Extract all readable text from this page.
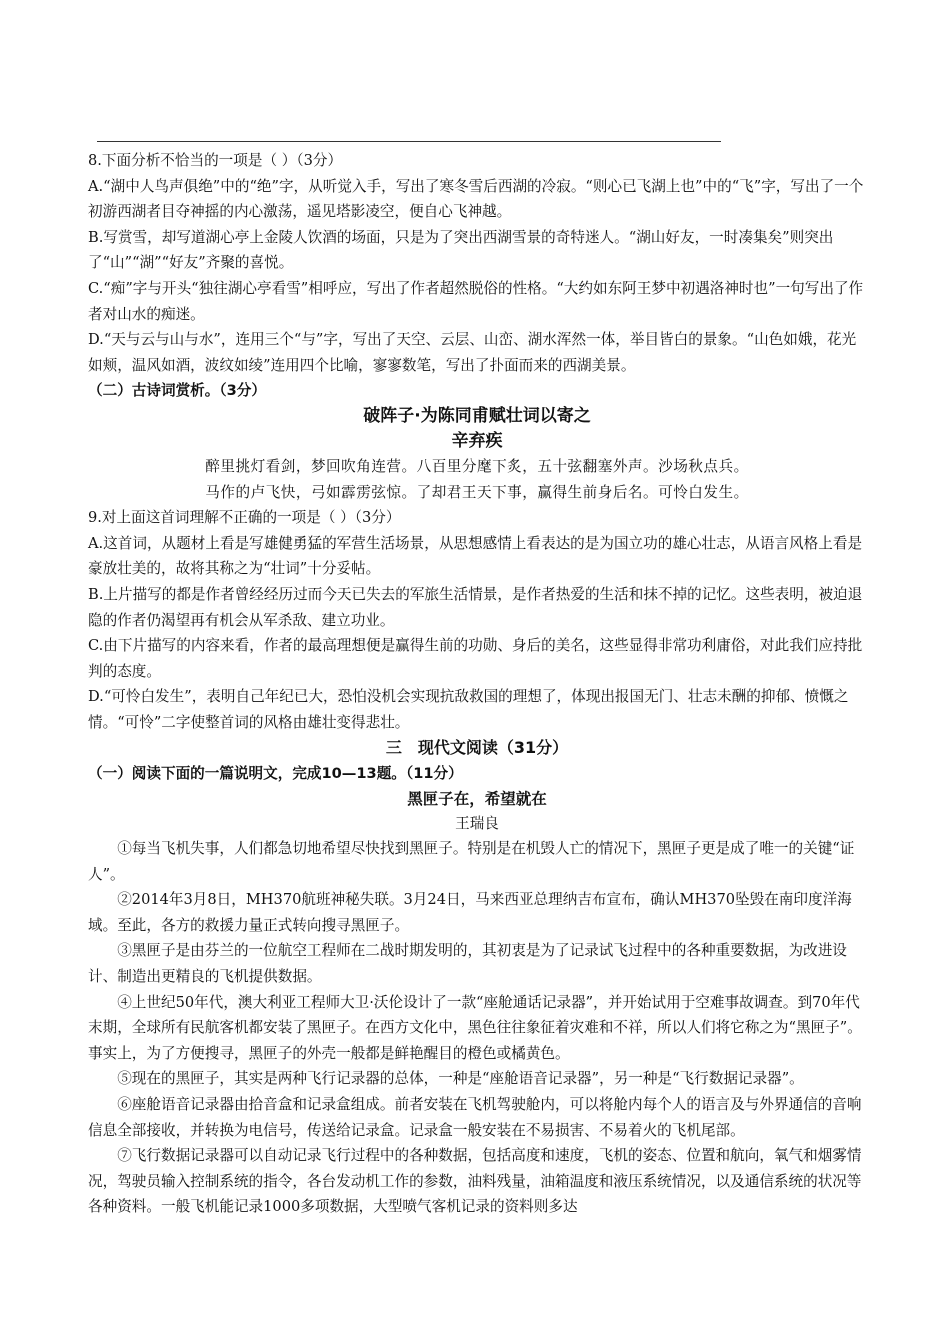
8.下面分析不恰当的一项是（ ）（3分）

A.“湖中人鸟声俱绝”中的“绝”字，从听觉入手，写出了寒冬雪后西湖的冷寂。“则心已飞湖上也”中的“飞”字，写出了一个初游西湖者目夺神摇的内心激荡，遥见塔影凌空，便自心飞神越。

B.写赏雪，却写道湖心亭上金陵人饮酒的场面，只是为了突出西湖雪景的奇特迷人。“湖山好友，一时凑集矣”则突出了“山”“湖”“好友”齐聚的喜悦。

C.“痴”字与开头“独往湖心亭看雪”相呼应，写出了作者超然脱俗的性格。“大约如东阿王梦中初遇洛神时也”一句写出了作者对山水的痴迷。

D.“天与云与山与水”，连用三个“与”字，写出了天空、云层、山峦、湖水浑然一体，举目皆白的景象。“山色如娥，花光如颊，温风如酒，波纹如绫”连用四个比喻，寥寥数笔，写出了扑面而来的西湖美景。

（二）古诗词赏析。（3分）

破阵子·为陈同甫赋壮词以寄之

辛弃疾

醉里挑灯看剑，梦回吹角连营。八百里分麾下炙，五十弦翻塞外声。沙场秋点兵。

马作的卢飞快，弓如霹雳弦惊。了却君王天下事，赢得生前身后名。可怜白发生。

9.对上面这首词理解不正确的一项是（ ）（3分）

A.这首词，从题材上看是写雄健勇猛的军营生活场景，从思想感情上看表达的是为国立功的雄心壮志，从语言风格上看是豪放壮美的，故将其称之为“壮词”十分妥帖。

B.上片描写的都是作者曾经经历过而今天已失去的军旅生活情景，是作者热爱的生活和抹不掉的记忆。这些表明，被迫退隐的作者仍渴望再有机会从军杀敌、建立功业。

C.由下片描写的内容来看，作者的最高理想便是赢得生前的功勋、身后的美名，这些显得非常功利庸俗，对此我们应持批判的态度。

D.“可怜白发生”，表明自己年纪已大，恐怕没机会实现抗敌救国的理想了，体现出报国无门、壮志未酬的抑郁、愤慨之情。“可怜”二字使整首词的风格由雄壮变得悲壮。

三　现代文阅读（31分）

（一）阅读下面的一篇说明文，完成10—13题。（11分）

黑匣子在，希望就在

王瑞良

①每当飞机失事，人们都急切地希望尽快找到黑匣子。特别是在机毁人亡的情况下，黑匣子更是成了唯一的关键“证人”。

②2014年3月8日，MH370航班神秘失联。3月24日，马来西亚总理纳吉布宣布，确认MH370坠毁在南印度洋海域。至此，各方的救援力量正式转向搜寻黑匣子。

③黑匣子是由芬兰的一位航空工程师在二战时期发明的，其初衷是为了记录试飞过程中的各种重要数据，为改进设计、制造出更精良的飞机提供数据。

④上世纪50年代，澳大利亚工程师大卫·沃伦设计了一款“座舱通话记录器”，并开始试用于空难事故调查。到70年代末期，全球所有民航客机都安装了黑匣子。在西方文化中，黑色往往象征着灾难和不祥，所以人们将它称之为“黑匣子”。事实上，为了方便搜寻，黑匣子的外壳一般都是鲜艳醒目的橙色或橘黄色。

⑤现在的黑匣子，其实是两种飞行记录器的总体，一种是“座舱语音记录器”，另一种是“飞行数据记录器”。

⑥座舱语音记录器由拾音盒和记录盒组成。前者安装在飞机驾驶舱内，可以将舱内每个人的语言及与外界通信的音响信息全部接收，并转换为电信号，传送给记录盒。记录盒一般安装在不易损害、不易着火的飞机尾部。

⑦飞行数据记录器可以自动记录飞行过程中的各种数据，包括高度和速度，飞机的姿态、位置和航向，氧气和烟雾情况，驾驶员输入控制系统的指令，各台发动机工作的参数，油料残量，油箱温度和液压系统情况，以及通信系统的状况等各种资料。一般飞机能记录1000多项数据，大型喷气客机记录的资料则多达
